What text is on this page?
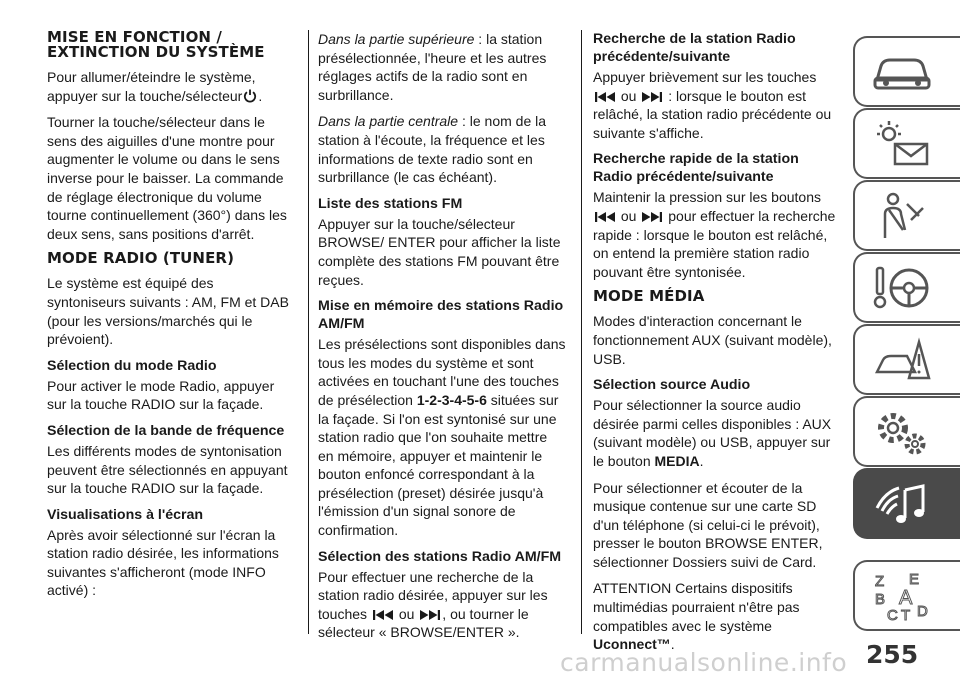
MISE EN FONCTION / EXTINCTION DU SYSTÈME

Pour allumer/éteindre le système, appuyer sur la touche/sélecteur .

Tourner la touche/sélecteur dans le sens des aiguilles d'une montre pour augmenter le volume ou dans le sens inverse pour le baisser. La commande de réglage électronique du volume tourne continuellement (360°) dans les deux sens, sans positions d'arrêt.

MODE RADIO (TUNER)

Le système est équipé des syntoniseurs suivants : AM, FM et DAB (pour les versions/marchés qui le prévoient).

Sélection du mode Radio

Pour activer le mode Radio, appuyer sur la touche RADIO sur la façade.

Sélection de la bande de fréquence

Les différents modes de syntonisation peuvent être sélectionnés en appuyant sur la touche RADIO sur la façade.

Visualisations à l'écran

Après avoir sélectionné sur l'écran la station radio désirée, les informations suivantes s'afficheront (mode INFO activé) :

Dans la partie supérieure : la station présélectionnée, l'heure et les autres réglages actifs de la radio sont en surbrillance.

Dans la partie centrale : le nom de la station à l'écoute, la fréquence et les informations de texte radio sont en surbrillance (le cas échéant).

Liste des stations FM

Appuyer sur la touche/sélecteur BROWSE/ ENTER pour afficher la liste complète des stations FM pouvant être reçues.

Mise en mémoire des stations Radio AM/FM

Les présélections sont disponibles dans tous les modes du système et sont activées en touchant l'une des touches de présélection 1-2-3-4-5-6 situées sur la façade. Si l'on est syntonisé sur une station radio que l'on souhaite mettre en mémoire, appuyer et maintenir le bouton enfoncé correspondant à la présélection (preset) désirée jusqu'à l'émission d'un signal sonore de confirmation.

Sélection des stations Radio AM/FM

Pour effectuer une recherche de la station radio désirée, appuyer sur les touches
ou , ou tourner le sélecteur « BROWSE/ENTER ».

Recherche de la station Radio précédente/suivante

Appuyer brièvement sur les touches
ou
: lorsque le bouton est relâché, la station radio précédente ou suivante s'affiche.

Recherche rapide de la station Radio précédente/suivante

Maintenir la pression sur les boutons
ou
pour effectuer la recherche rapide : lorsque le bouton est relâché, on entend la première station radio pouvant être syntonisée.

MODE MÉDIA

Modes d'interaction concernant le fonctionnement AUX (suivant modèle), USB.

Sélection source Audio

Pour sélectionner la source audio désirée parmi celles disponibles : AUX (suivant modèle) ou USB, appuyer sur le bouton MEDIA.

Pour sélectionner et écouter de la musique contenue sur une carte SD d'un téléphone (si celui-ci le prévoit), presser le bouton BROWSE ENTER, sélectionner Dossiers suivi de Card.

ATTENTION Certains dispositifs multimédias pourraient n'être pas compatibles avec le système Uconnect™.

Z E
B A
C T D
carmanualsonline.info 255
